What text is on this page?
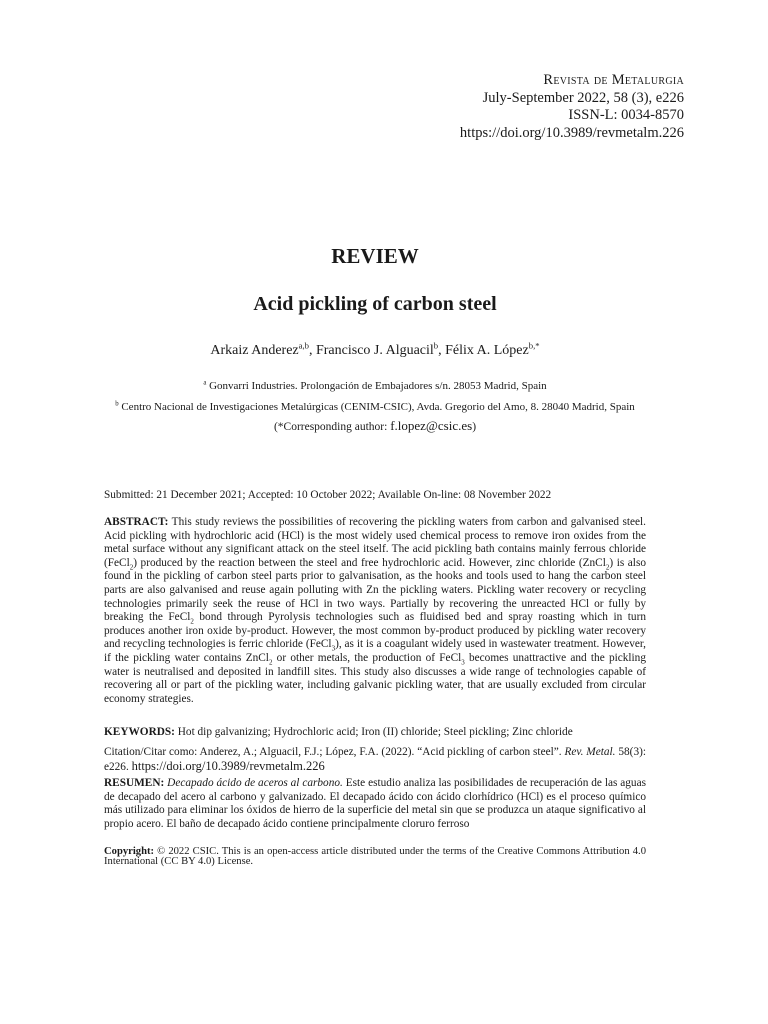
Revista de Metalurgia
July-September 2022, 58 (3), e226
ISSN-L: 0034-8570
https://doi.org/10.3989/revmetalm.226
REVIEW
Acid pickling of carbon steel
Arkaiz Anderez$^{a,b}$, Francisco J. Alguacil$^b$, Félix A. López$^{b,*}$
$^a$ Gonvarri Industries. Prolongación de Embajadores s/n. 28053 Madrid, Spain
$^b$ Centro Nacional de Investigaciones Metalúrgicas (CENIM-CSIC), Avda. Gregorio del Amo, 8. 28040 Madrid, Spain
(*Corresponding author: f.lopez@csic.es)
Submitted: 21 December 2021; Accepted: 10 October 2022; Available On-line: 08 November 2022
ABSTRACT: This study reviews the possibilities of recovering the pickling waters from carbon and galvanised steel. Acid pickling with hydrochloric acid (HCl) is the most widely used chemical process to remove iron oxides from the metal surface without any significant attack on the steel itself. The acid pickling bath contains mainly ferrous chloride (FeCl$_2$) produced by the reaction between the steel and free hydrochloric acid. However, zinc chloride (ZnCl$_2$) is also found in the pickling of carbon steel parts prior to galvanisation, as the hooks and tools used to hang the carbon steel parts are also galvanised and reuse again polluting with Zn the pickling waters. Pickling water recovery or recycling technologies primarily seek the reuse of HCl in two ways. Partially by recovering the unreacted HCl or fully by breaking the FeCl$_2$ bond through Pyrolysis technologies such as fluidised bed and spray roasting which in turn produces another iron oxide by-product. However, the most common by-product produced by pickling water recovery and recycling technologies is ferric chloride (FeCl$_3$), as it is a coagulant widely used in wastewater treatment. However, if the pickling water contains ZnCl$_2$ or other metals, the production of FeCl$_3$ becomes unattractive and the pickling water is neutralised and deposited in landfill sites. This study also discusses a wide range of technologies capable of recovering all or part of the pickling water, including galvanic pickling water, that are usually excluded from circular economy strategies.
KEYWORDS: Hot dip galvanizing; Hydrochloric acid; Iron (II) chloride; Steel pickling; Zinc chloride
Citation/Citar como: Anderez, A.; Alguacil, F.J.; López, F.A. (2022). “Acid pickling of carbon steel”. Rev. Metal. 58(3): e226. https://doi.org/10.3989/revmetalm.226
RESUMEN: Decapado ácido de aceros al carbono. Este estudio analiza las posibilidades de recuperación de las aguas de decapado del acero al carbono y galvanizado. El decapado ácido con ácido clorhídrico (HCl) es el proceso químico más utilizado para eliminar los óxidos de hierro de la superficie del metal sin que se produzca un ataque significativo al propio acero. El baño de decapado ácido contiene principalmente cloruro ferroso
Copyright: © 2022 CSIC. This is an open-access article distributed under the terms of the Creative Commons Attribution 4.0 International (CC BY 4.0) License.
